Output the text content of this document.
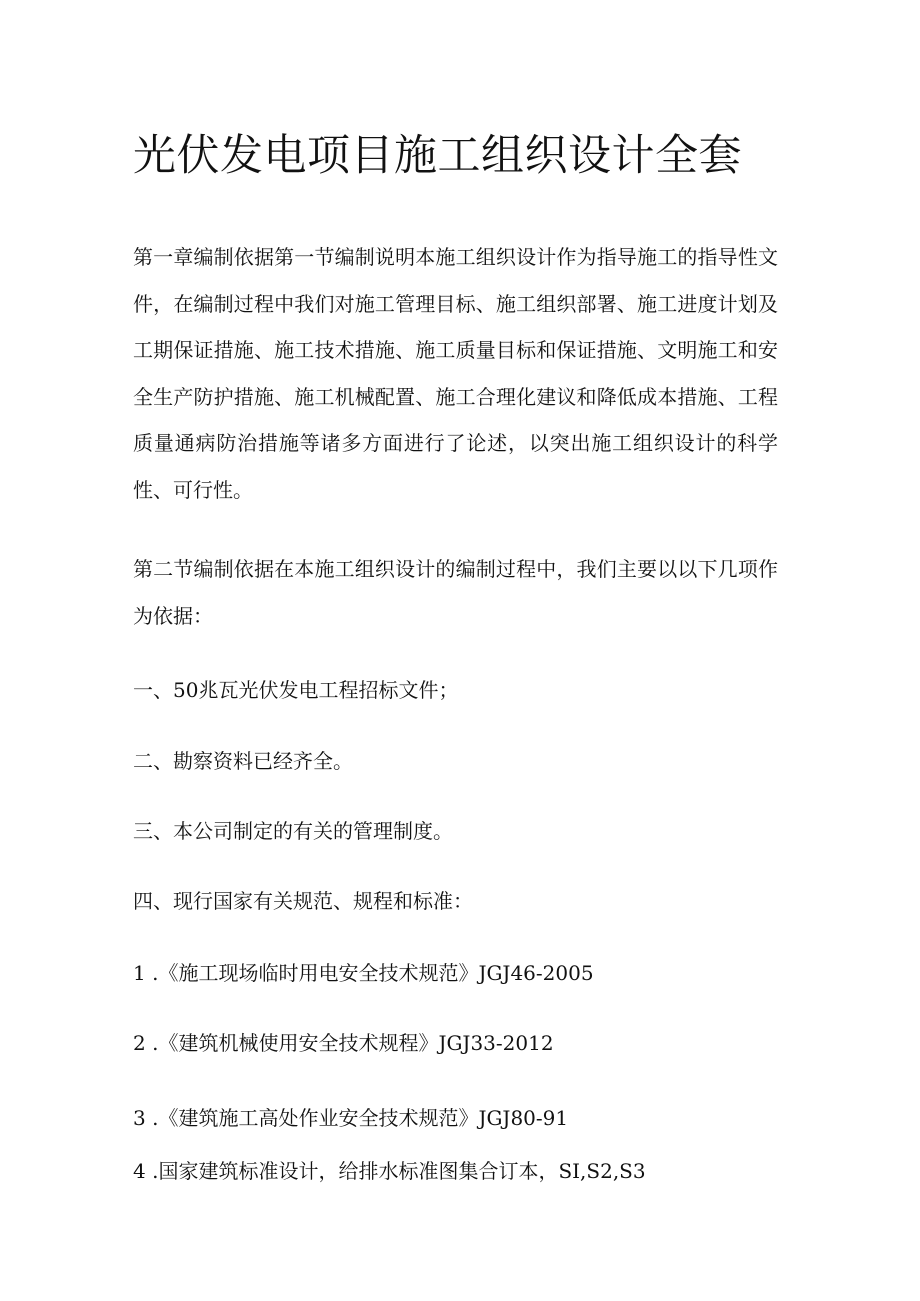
光伏发电项目施工组织设计全套

第一章编制依据第一节编制说明本施工组织设计作为指导施工的指导性文件，在编制过程中我们对施工管理目标、施工组织部署、施工进度计划及工期保证措施、施工技术措施、施工质量目标和保证措施、文明施工和安全生产防护措施、施工机械配置、施工合理化建议和降低成本措施、工程质量通病防治措施等诸多方面进行了论述，以突出施工组织设计的科学性、可行性。

第二节编制依据在本施工组织设计的编制过程中，我们主要以以下几项作为依据：

一、50兆瓦光伏发电工程招标文件；

二、勘察资料已经齐全。

三、本公司制定的有关的管理制度。

四、现行国家有关规范、规程和标准：

1 .《施工现场临时用电安全技术规范》JGJ46-2005

2 .《建筑机械使用安全技术规程》JGJ33-2012

3 .《建筑施工高处作业安全技术规范》JGJ80-91

4 .国家建筑标准设计，给排水标准图集合订本，SI,S2,S3
